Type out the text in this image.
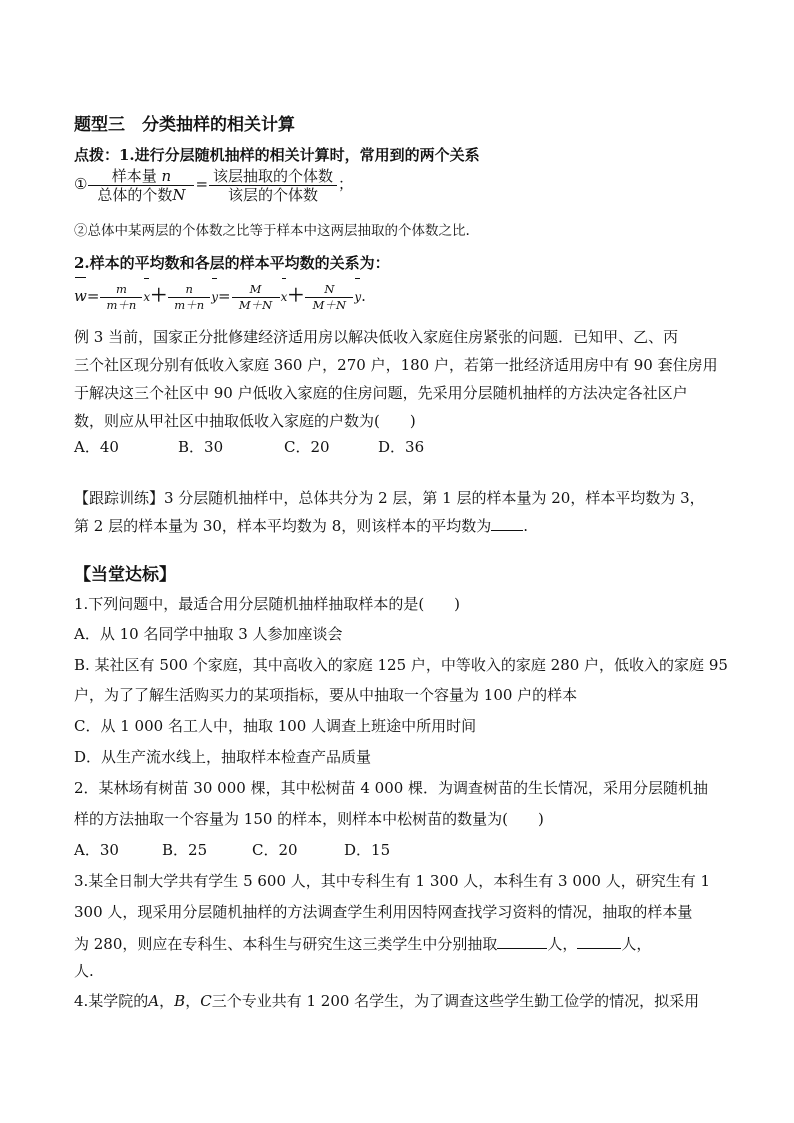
题型三　分类抽样的相关计算
点拨：1.进行分层随机抽样的相关计算时，常用到的两个关系
① $\frac{\text{样本量 n}}{\text{总体的个数N}} = \frac{\text{该层抽取的个体数}}{\text{该层的个体数}}$ ；
②总体中某两层的个体数之比等于样本中这两层抽取的个体数之比.
2.样本的平均数和各层的样本平均数的关系为：
$w= \frac{m}{m+n} x+ \frac{n}{m+n} y= \frac{M}{M+N} x+ \frac{N}{M+N} y$.
例 3 当前，国家正分批修建经济适用房以解决低收入家庭住房紧张的问题．已知甲、乙、丙
三个社区现分别有低收入家庭 360 户，270 户，180 户，若第一批经济适用房中有 90 套住房用
于解决这三个社区中 90 户低收入家庭的住房问题，先采用分层随机抽样的方法决定各社区户
数，则应从甲社区中抽取低收入家庭的户数为(　　)
A．40	B．30	C．20	D．36
【跟踪训练】3 分层随机抽样中，总体共分为 2 层，第 1 层的样本量为 20，样本平均数为 3，
第 2 层的样本量为 30，样本平均数为 8，则该样本的平均数为 .
【当堂达标】
1.下列问题中，最适合用分层随机抽样抽取样本的是(　　)
A．从 10 名同学中抽取 3 人参加座谈会
B. 某社区有 500 个家庭，其中高收入的家庭 125 户，中等收入的家庭 280 户，低收入的家庭 95
户，为了了解生活购买力的某项指标，要从中抽取一个容量为 100 户的样本
C．从 1 000 名工人中，抽取 100 人调查上班途中所用时间
D．从生产流水线上，抽取样本检查产品质量
2．某林场有树苗 30 000 棵，其中松树苗 4 000 棵．为调查树苗的生长情况，采用分层随机抽
样的方法抽取一个容量为 150 的样本，则样本中松树苗的数量为(　　)
A．30	B．25	C．20	D．15
3.某全日制大学共有学生 5 600 人，其中专科生有 1 300 人，本科生有 3 000 人，研究生有 1
300 人，现采用分层随机抽样的方法调查学生利用因特网查找学习资料的情况，抽取的样本量
为 280，则应在专科生、本科生与研究生这三类学生中分别抽取	人，	人，
人.
4.某学院的A，B，C三个专业共有 1 200 名学生，为了调查这些学生勤工俭学的情况，拟采用
